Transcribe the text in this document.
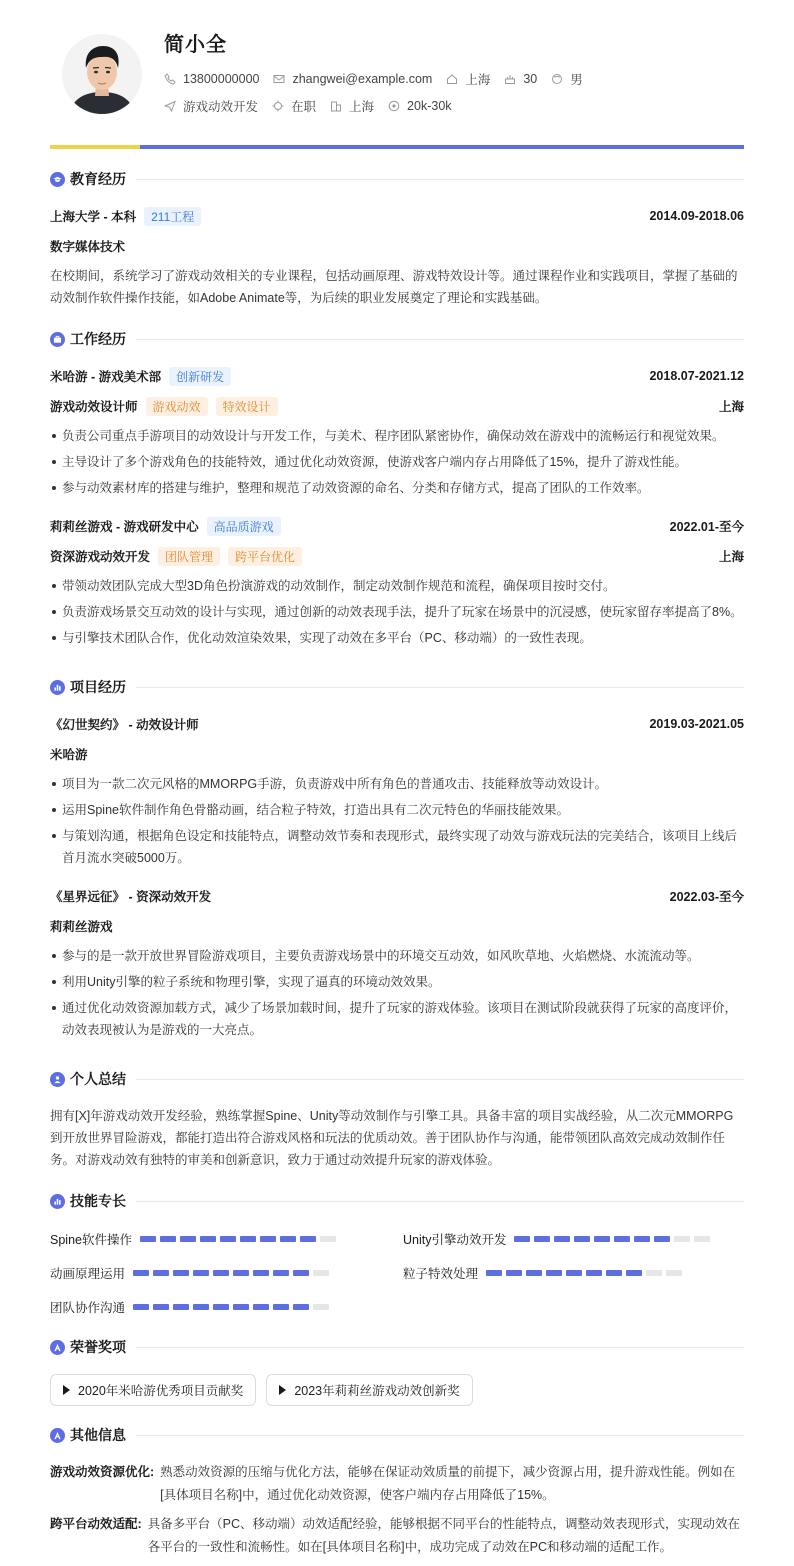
简小全
13800000000	zhangwei@example.com	上海	30	男
游戏动效开发	在职	上海	20k-30k
教育经历
上海大学 - 本科	211工程	2014.09-2018.06
数字媒体技术
在校期间，系统学习了游戏动效相关的专业课程，包括动画原理、游戏特效设计等。通过课程作业和实践项目，掌握了基础的动效制作软件操作技能，如Adobe Animate等，为后续的职业发展奠定了理论和实践基础。
工作经历
米哈游 - 游戏美术部	创新研发	2018.07-2021.12
游戏动效设计师	游戏动效	特效设计	上海
负责公司重点手游项目的动效设计与开发工作，与美术、程序团队紧密协作，确保动效在游戏中的流畅运行和视觉效果。
主导设计了多个游戏角色的技能特效，通过优化动效资源，使游戏客户端内存占用降低了15%，提升了游戏性能。
参与动效素材库的搭建与维护，整理和规范了动效资源的命名、分类和存储方式，提高了团队的工作效率。
莉莉丝游戏 - 游戏研发中心	高品质游戏	2022.01-至今
资深游戏动效开发	团队管理	跨平台优化	上海
带领动效团队完成大型3D角色扮演游戏的动效制作，制定动效制作规范和流程，确保项目按时交付。
负责游戏场景交互动效的设计与实现，通过创新的动效表现手法，提升了玩家在场景中的沉浸感，使玩家留存率提高了8%。
与引擎技术团队合作，优化动效渲染效果，实现了动效在多平台（PC、移动端）的一致性表现。
项目经历
《幻世契约》 - 动效设计师	2019.03-2021.05
米哈游
项目为一款二次元风格的MMORPG手游，负责游戏中所有角色的普通攻击、技能释放等动效设计。
运用Spine软件制作角色骨骼动画，结合粒子特效，打造出具有二次元特色的华丽技能效果。
与策划沟通，根据角色设定和技能特点，调整动效节奏和表现形式，最终实现了动效与游戏玩法的完美结合，该项目上线后首月流水突破5000万。
《星界远征》 - 资深动效开发	2022.03-至今
莉莉丝游戏
参与的是一款开放世界冒险游戏项目，主要负责游戏场景中的环境交互动效，如风吹草地、火焰燃烧、水流流动等。
利用Unity引擎的粒子系统和物理引擎，实现了逼真的环境动效效果。
通过优化动效资源加载方式，减少了场景加载时间，提升了玩家的游戏体验。该项目在测试阶段就获得了玩家的高度评价，动效表现被认为是游戏的一大亮点。
个人总结
拥有[X]年游戏动效开发经验，熟练掌握Spine、Unity等动效制作与引擎工具。具备丰富的项目实战经验，从二次元MMORPG到开放世界冒险游戏，都能打造出符合游戏风格和玩法的优质动效。善于团队协作与沟通，能带领团队高效完成动效制作任务。对游戏动效有独特的审美和创新意识，致力于通过动效提升玩家的游戏体验。
技能专长
Spine软件操作	Unity引擎动效开发
动画原理运用	粒子特效处理
团队协作沟通
荣誉奖项
2020年米哈游优秀项目贡献奖	2023年莉莉丝游戏动效创新奖
其他信息
游戏动效资源优化: 熟悉动效资源的压缩与优化方法，能够在保证动效质量的前提下，减少资源占用，提升游戏性能。例如在[具体项目名称]中，通过优化动效资源，使客户端内存占用降低了15%。
跨平台动效适配: 具备多平台（PC、移动端）动效适配经验，能够根据不同平台的性能特点，调整动效表现形式，实现动效在各平台的一致性和流畅性。如在[具体项目名称]中，成功完成了动效在PC和移动端的适配工作。
